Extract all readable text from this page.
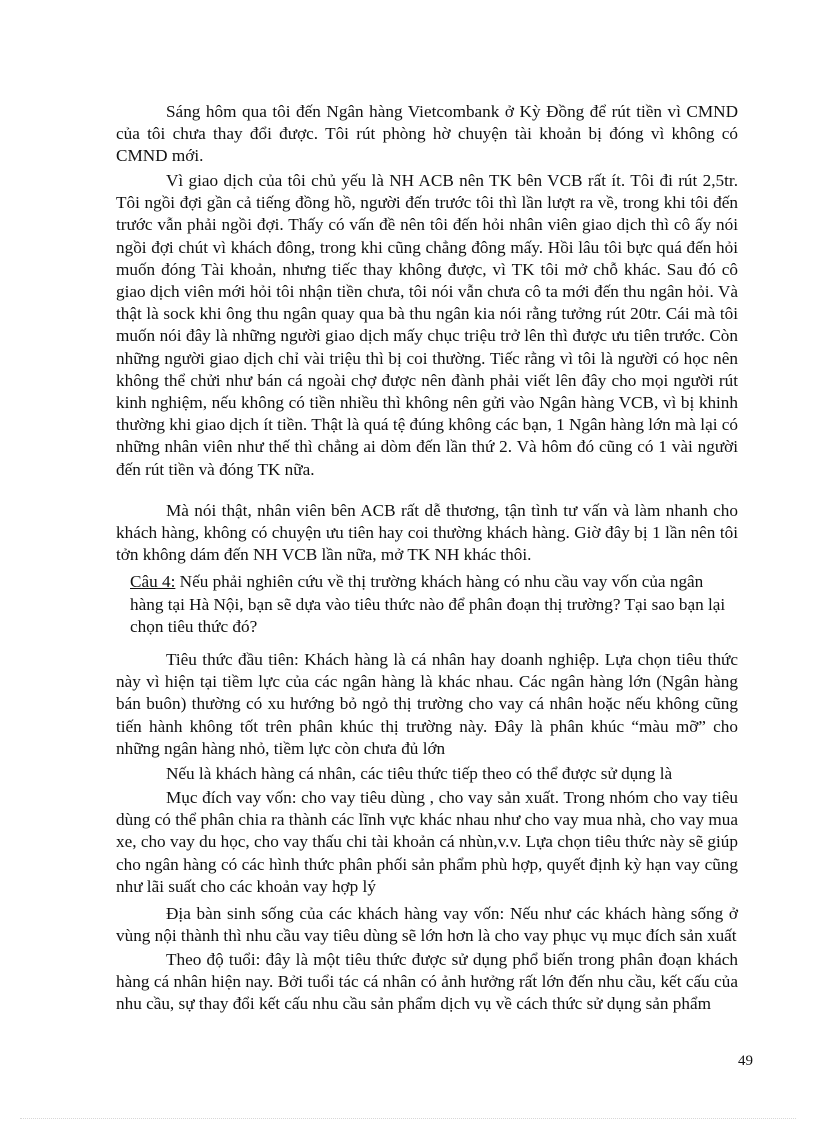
Sáng hôm qua tôi đến Ngân hàng Vietcombank ở Kỳ Đồng để rút tiền vì CMND của tôi chưa thay đổi được. Tôi rút phòng hờ chuyện tài khoản bị đóng vì không có CMND mới.

Vì giao dịch của tôi chủ yếu là NH ACB nên TK bên VCB rất ít. Tôi đi rút 2,5tr. Tôi ngồi đợi gần cả tiếng đồng hồ, người đến trước tôi thì lần lượt ra về, trong khi tôi đến trước vẫn phải ngồi đợi. Thấy có vấn đề nên tôi đến hỏi nhân viên giao dịch thì cô ấy nói ngồi đợi chút vì khách đông, trong khi cũng chẳng đông mấy. Hồi lâu tôi bực quá đến hỏi muốn đóng Tài khoản, nhưng tiếc thay không được, vì TK tôi mở chỗ khác. Sau đó cô giao dịch viên mới hỏi tôi nhận tiền chưa, tôi nói vẫn chưa cô ta mới đến thu ngân hỏi. Và thật là sock khi ông thu ngân quay qua bà thu ngân kia nói rằng tưởng rút 20tr. Cái mà tôi muốn nói đây là những người giao dịch mấy chục triệu trở lên thì được ưu tiên trước. Còn những người giao dịch chỉ vài triệu thì bị coi thường. Tiếc rằng vì tôi là người có học nên không thể chửi như bán cá ngoài chợ được nên đành phải viết lên đây cho mọi người rút kinh nghiệm, nếu không có tiền nhiều thì không nên gửi vào Ngân hàng VCB, vì bị khinh thường khi giao dịch ít tiền. Thật là quá tệ đúng không các bạn, 1 Ngân hàng lớn mà lại có những nhân viên như thế thì chẳng ai dòm đến lần thứ 2. Và hôm đó cũng có 1 vài người đến rút tiền và đóng TK nữa.

Mà nói thật, nhân viên bên ACB rất dễ thương, tận tình tư vấn và làm nhanh cho khách hàng, không có chuyện ưu tiên hay coi thường khách hàng. Giờ đây bị 1 lần nên tôi tởn không dám đến NH VCB lần nữa, mở TK NH khác thôi.

Câu 4: Nếu phải nghiên cứu về thị trường khách hàng có nhu cầu vay vốn của ngân hàng tại Hà Nội, bạn sẽ dựa vào tiêu thức nào để phân đoạn thị trường? Tại sao bạn lại chọn tiêu thức đó?

Tiêu thức đầu tiên: Khách hàng là cá nhân hay doanh nghiệp. Lựa chọn tiêu thức này vì hiện tại tiềm lực của các ngân hàng là khác nhau. Các ngân hàng lớn (Ngân hàng bán buôn) thường có xu hướng bỏ ngỏ thị trường cho vay cá nhân hoặc nếu không cũng tiến hành không tốt trên phân khúc thị trường này. Đây là phân khúc “màu mỡ” cho những ngân hàng nhỏ, tiềm lực còn chưa đủ lớn

Nếu là khách hàng cá nhân, các tiêu thức tiếp theo có thể được sử dụng là

Mục đích vay vốn: cho vay tiêu dùng , cho vay sản xuất. Trong nhóm cho vay tiêu dùng có thể phân chia ra thành các lĩnh vực khác nhau như cho vay mua nhà, cho vay mua xe, cho vay du học, cho vay thấu chi tài khoản cá nhùn,v.v. Lựa chọn tiêu thức này sẽ giúp cho ngân hàng có các hình thức phân phối sản phẩm phù hợp, quyết định kỳ hạn vay cũng như lãi suất cho các khoản vay hợp lý

Địa bàn sinh sống của các khách hàng vay vốn: Nếu như các khách hàng sống ở vùng nội thành thì nhu cầu vay tiêu dùng sẽ lớn hơn là cho vay phục vụ mục đích sản xuất

Theo độ tuổi: đây là một tiêu thức được sử dụng phổ biến trong phân đoạn khách hàng cá nhân hiện nay. Bởi tuổi tác cá nhân có ảnh hưởng rất lớn đến nhu cầu, kết cấu của nhu cầu, sự thay đổi kết cấu nhu cầu sản phẩm dịch vụ về cách thức sử dụng sản phẩm

49
